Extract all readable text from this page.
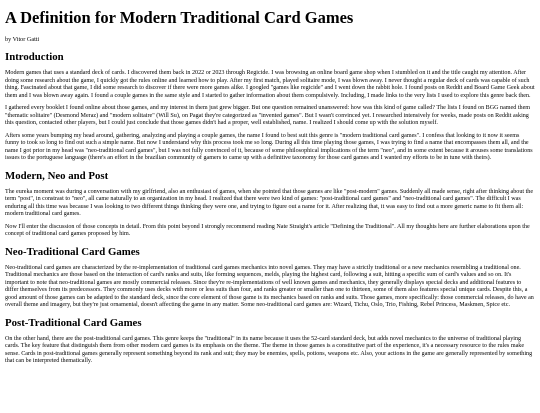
A Definition for Modern Traditional Card Games
by Vitor Gatti
Introduction

Modern games that uses a standard deck of cards. I discovered them back in 2022 or 2023 through Regicide. I was browsing an online board game shop when I stumbled on it and the title caught my attention. After doing some research about the game, I quickly got the rules online and learned how to play. After my first match, played solitaire mode, I was blown away. I never thought a regular deck of cards was capable of such thing. Fascinated about that game, I did some research to discover if there were more games alike. I googled "games like regicide" and I went down the rabbit hole. I found posts on Reddit and Board Game Geek about them and I was blown away again. I found a couple games in the same style and I started to gather information about them compulsively. Including, I made links to the very lists I used to explore this genre back then.

I gathered every booklet I found online about those games, and my interest in them just grew bigger. But one question remained unanswered: how was this kind of game called? The lists I found on BGG named them "thematic solitaire" (Desmond Meraz) and "modern solitaire" (Will Su), on Pagat they're categorized as "invented games". But I wasn't convinced yet. I researched intensively for weeks, made posts on Reddit asking this question, contacted other players, but I could just conclude that those games didn't had a proper, well established, name. I realized I should come up with the solution myself.

Afters some years bumping my head around, gathering, analyzing and playing a couple games, the name I found to best suit this genre is "modern traditional card games". I confess that looking to it now it seems funny to took so long to find out such a simple name. But now I understand why this process took me so long. During all this time playing those games, I was trying to find a name that encompasses them all, and the name I got prior in my head was "neo-traditional card games", but I was not fully convinced of it, because of some philosophical implications of the term "neo", and in some extent because it arouses some translations issues to the portuguese language (there's an effort in the brazilian community of gamers to came up with a definitive taxonomy for those card games and I wanted my efforts to be in tune with theirs).

Modern, Neo and Post

The eureka moment was during a conversation with my girlfriend, also an enthusiast of games, when she pointed that those games are like "post-modern" games. Suddenly all made sense, right after thinking about the term "post", in constrast to "neo", all came naturally to an organization in my head. I realized that there were two kind of games: "post-traditional card games" and "neo-traditional card games". The difficult I was enduring all this time was because I was looking to two different things thinking they were one, and trying to figure out a name for it. After realizing that, it was easy to find out a more generic name to fit them all: modern traditional card games.

Now I'll enter the discussion of those concepts in detail. From this point beyond I strongly recommend reading Nate Straight's article "Defining the Traditional". All my thoughts here are further elaborations upon the concept of traditional card games proposed by him.

Neo-Traditional Card Games

Neo-traditional card games are characterized by the re-implementation of traditional card games mechanics into novel games. They may have a strictly traditional or a new mechanics resembling a traditional one. Traditional mechanics are those based on the interaction of card's ranks and suits, like forming sequences, melds, playing the highest card, following a suit, hitting a specific sum of card's values and so on. It's important to note that neo-traditional games are mostly commercial releases. Since they're re-implementations of well known games and mechanics, they generally displays special decks and additional features to differ themselves from its predecessors. They commonly uses decks with more or less suits than four, and ranks greater or smaller than one to thirteen, some of them also features special unique cards. Despite this, a good amount of those games can be adapted to the standard deck, since the core element of those game is its mechanics based on ranks and suits. Those games, more specifically: those commercial releases, do have an overall theme and imagery, but they're just ornamental, doesn't affecting the game in any matter. Some neo-traditional card games are: Wizard, Tichu, Oslo, Trio, Fishing, Rebel Princess, Maskmen, Spice etc.

Post-Traditional Card Games

On the other hand, there are the post-traditional card games. This genre keeps the "traditional" in its name because it uses the 52-card standard deck, but adds novel mechanics to the universe of traditional playing cards. The key feature that distinguish them from other modern card games is its emphasis on the theme. The theme in those games is a constitutive part of the experience, it's a necessary resource to the rules make sense. Cards in post-traditional games generally represent something beyond its rank and suit; they may be enemies, spells, potions, weapons etc. Also, your actions in the game are generally represented by something that can be interpreted thematically.
